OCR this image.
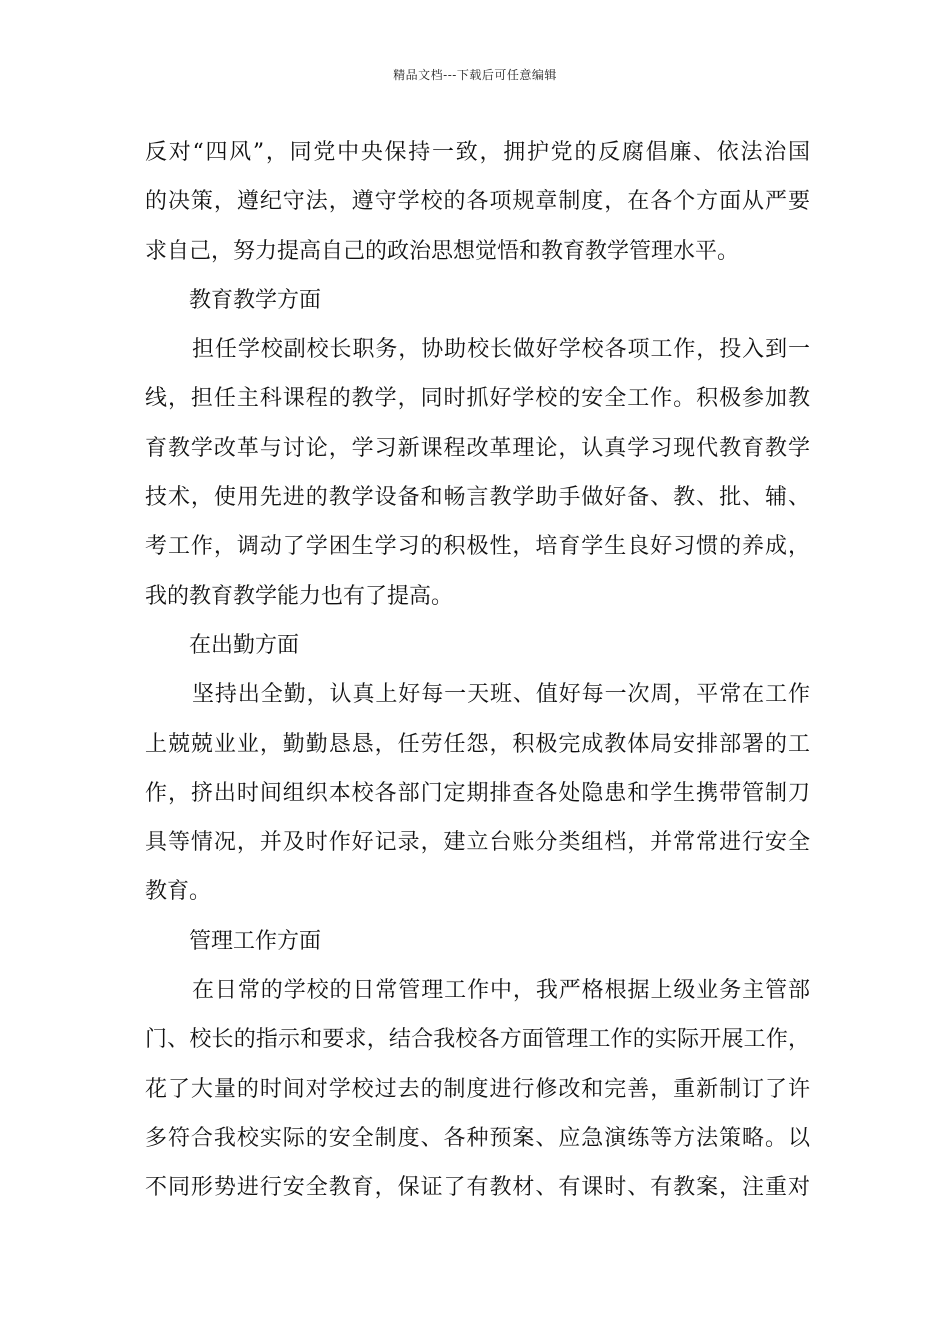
精品文档---下载后可任意编辑
反对“四风”，同党中央保持一致，拥护党的反腐倡廉、依法治国
的决策，遵纪守法，遵守学校的各项规章制度，在各个方面从严要
求自己，努力提高自己的政治思想觉悟和教育教学管理水平。
教育教学方面
担任学校副校长职务，协助校长做好学校各项工作，投入到一
线，担任主科课程的教学，同时抓好学校的安全工作。积极参加教
育教学改革与讨论，学习新课程改革理论，认真学习现代教育教学
技术，使用先进的教学设备和畅言教学助手做好备、教、批、辅、
考工作，调动了学困生学习的积极性，培育学生良好习惯的养成，
我的教育教学能力也有了提高。
在出勤方面
坚持出全勤，认真上好每一天班、值好每一次周，平常在工作
上兢兢业业，勤勤恳恳，任劳任怨，积极完成教体局安排部署的工
作，挤出时间组织本校各部门定期排查各处隐患和学生携带管制刀
具等情况，并及时作好记录，建立台账分类组档，并常常进行安全
教育。
管理工作方面
在日常的学校的日常管理工作中，我严格根据上级业务主管部
门、校长的指示和要求，结合我校各方面管理工作的实际开展工作，
花了大量的时间对学校过去的制度进行修改和完善，重新制订了许
多符合我校实际的安全制度、各种预案、应急演练等方法策略。以
不同形势进行安全教育，保证了有教材、有课时、有教案，注重对
